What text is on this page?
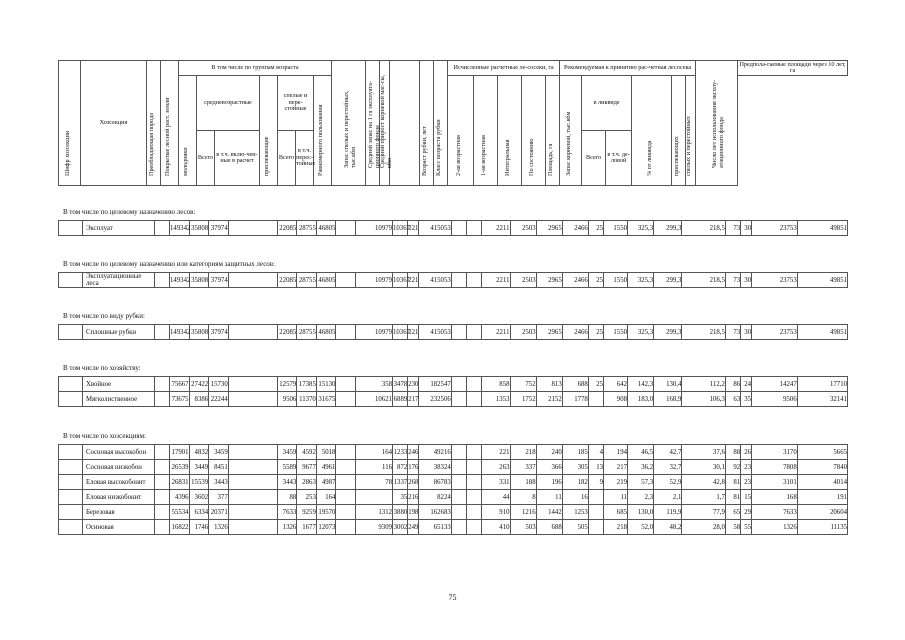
Шифр хозсекции	Хозсекция	Преобладающая порода	Покрытые лесной раст. земли	В том числе по группам возраста							Запас спелых и перестойных, тыс.кбм	Средний запас на 1 га эксплуата-ционного фонда	Средний прирост корневой мас-сы, кбм		Возраст рубки, лет	Класс возраста рубки	Исчисленные расчетные ле-сосеки, га					Рекомендуемая к принятию рас-четная лесосека						Число лет использования эксплу-атационного фонда	Предпола-гаемые площади через 10 лет, га

				молодняки	средневозрастные		приспевающие	спелые и пере-стойные		Равномерного пользования							2-ая возрастная	1-ая возрастная	Интегральная	По состоянию	Площадь, га	Запас корневой, тыс.кбм	в ликвиде		% от ликвида	приспевающих	спелых и перестойных		

					Всего	в т.ч. вклю-чен-ные в расчет		Всего	в т.ч. перес-тойные														Всего	в т.ч. де-ловой					

В том числе по целевому назначению лесов:
	Эксплуат		149342	35808	37974		22085	28755	46805		10979	10367	221	415053			2211	2503	2965	2466	25	1550	325,3	299,3	218,5	73	30	23753	49851
В том числе по целевому назначению или категориям защитных лесов:
	Эксплуатационные леса		149342	35808	37974		22085	28755	46805		10979	10367	221	415053			2211	2503	2965	2466	25	1550	325,3	299,3	218,5	73	30	23753	49851
В том числе по виду рубки:
	Сплошные рубки		149342	35808	37974		22085	28755	46805		10979	10367	221	415053			2211	2503	2965	2466	25	1550	325,3	299,3	218,5	73	30	23753	49851
В том числе по хозяйству:
	Хвойное		75667	27422	15730		12579	17385	15130		358	3478	230	182547			858	752	813	688	25	642	142,3	130,4	112,2	86	24	14247	17710
	Мягколиственное		73675	8386	22244		9506	11370	31675		10621	6889	217	232506			1353	1752	2152	1778		908	183,0	168,9	106,3	63	35	9506	32141
В том числе по хозсекциям:
	Сосновая высокобон		17901	4832	3459		3459	4592	5018		164	1233	246	49216			221	218	240	185	4	194	46,5	42,7	37,6	88	26	3170	5665
	Сосновая низкобон		26539	3449	8451		5589	9677	4961		116	872	176	38324			263	337	366	305	13	217	36,2	32,7	30,1	92	23	7808	7840
	Еловая высокобонит		26831	15539	3443		3443	2863	4987		78	1337	268	86783			331	188	196	182	9	219	57,3	52,9	42,8	81	23	3101	4014
	Еловая низкобонит		4396	3602	377		88	253	164			35	216	8224			44	8	11	16		11	2,3	2,1	1,7	81	15	168	191
	Березовая		55534	6334	20371		7633	9259	19570		1312	3880	198	162683			910	1216	1442	1253		685	130,0	119,9	77,9	65	29	7633	20604
	Осиновая		16822	1746	1326		1326	1677	12073		9309	3002	249	65133			410	503	688	505		218	52,0	48,2	28,0	58	55	1326	11135
75
